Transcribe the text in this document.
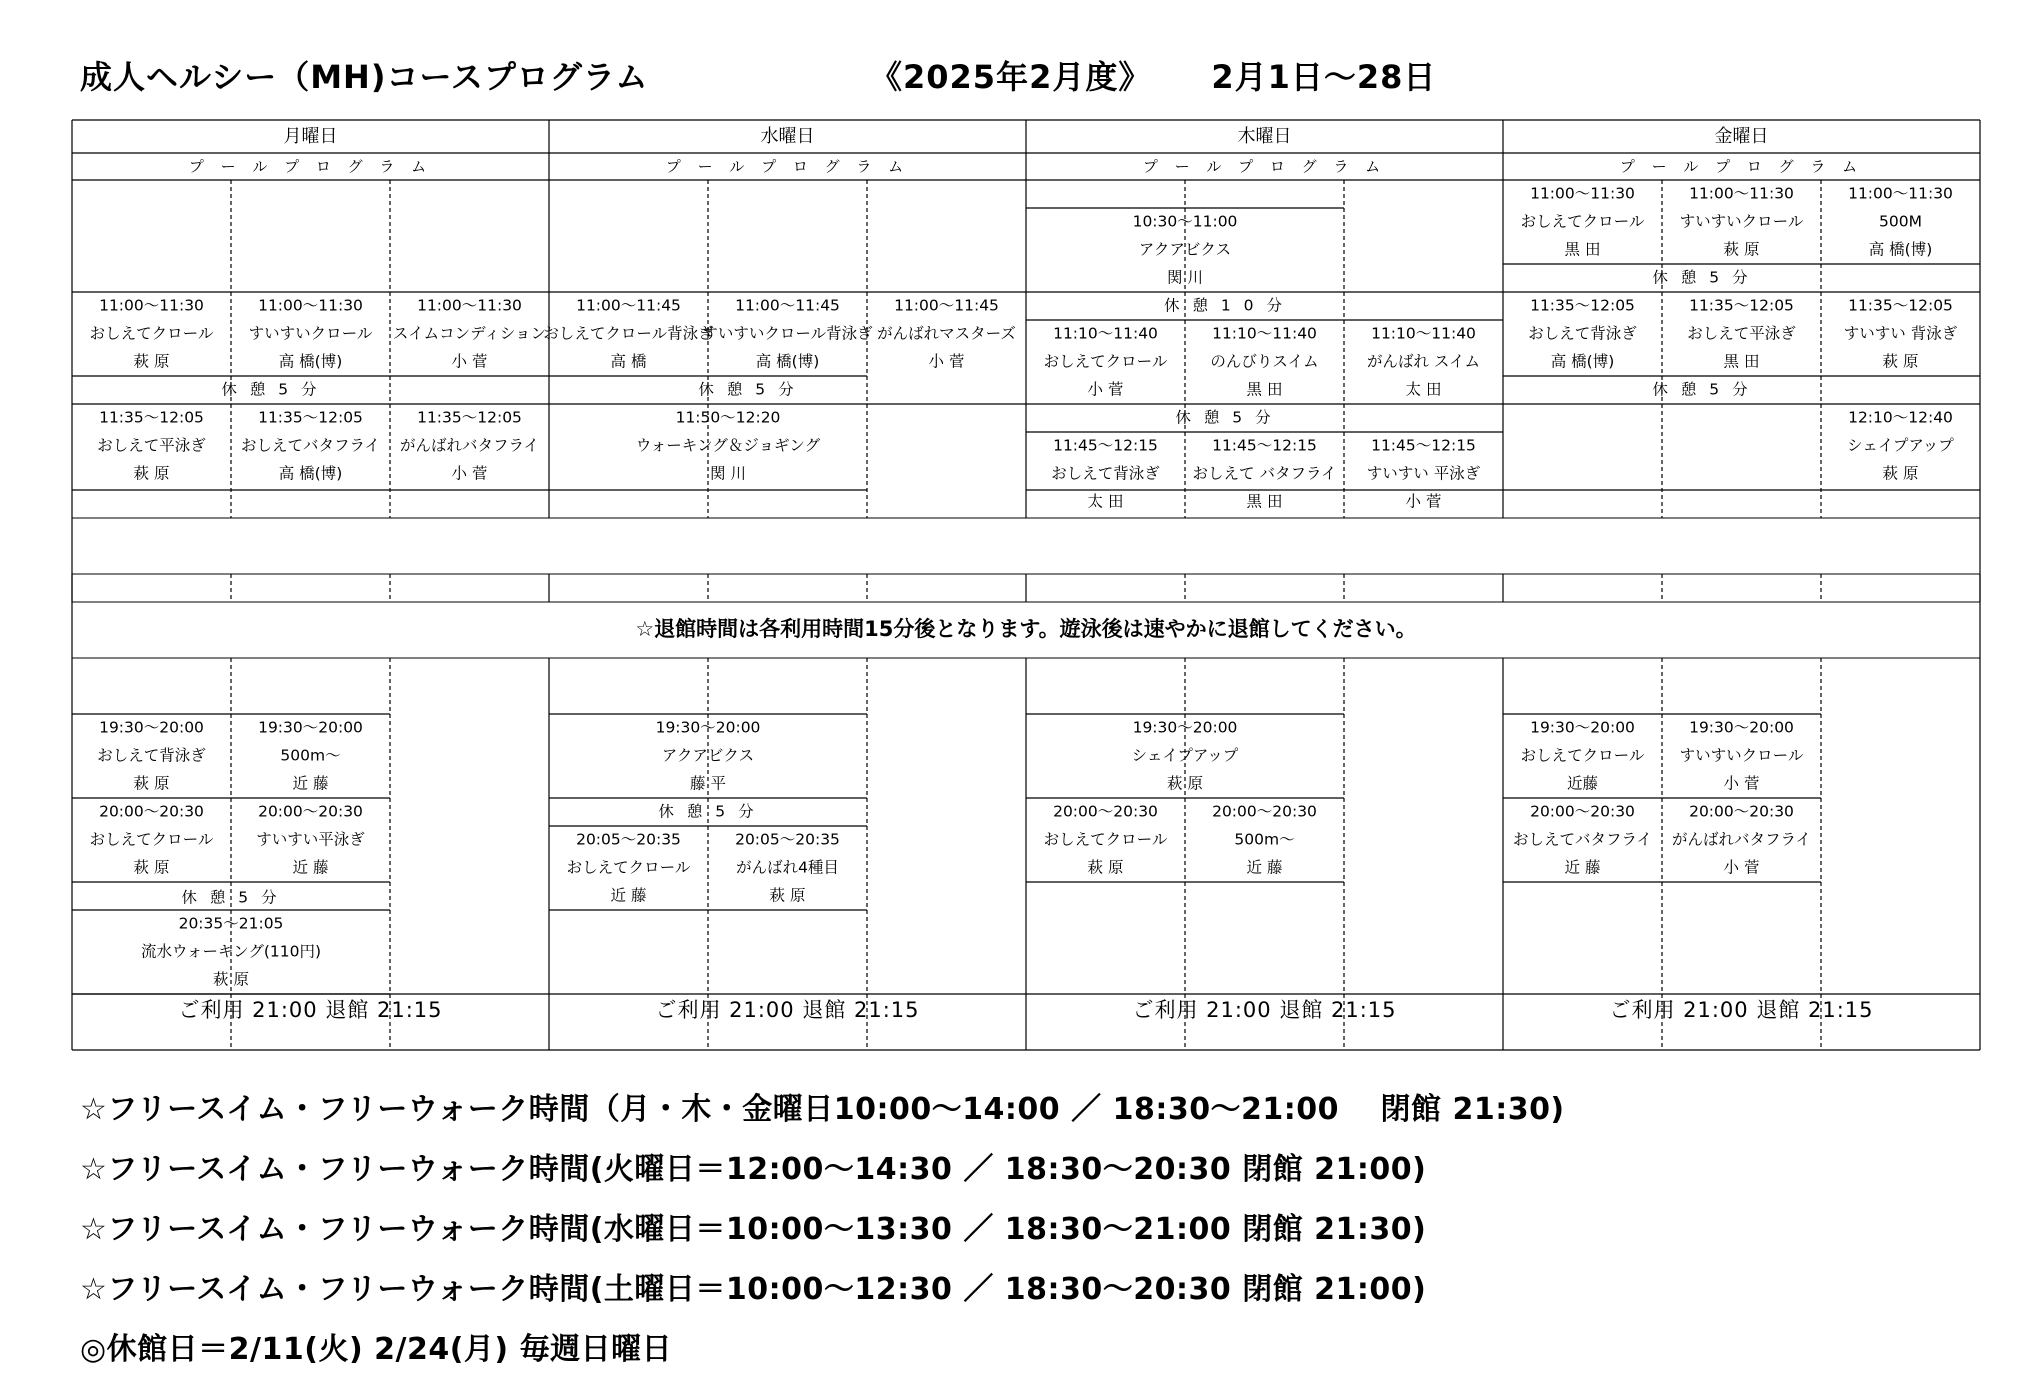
成人ヘルシー（MH)コースプログラム	《2025年2月度》 2月1日～28日
月曜日
プ ー ル プ ロ グ ラ ム
ご利用 21:00 退館 21:15
水曜日
プ ー ル プ ロ グ ラ ム
ご利用 21:00 退館 21:15
木曜日
プ ー ル プ ロ グ ラ ム
ご利用 21:00 退館 21:15
金曜日
プ ー ル プ ロ グ ラ ム
ご利用 21:00 退館 21:15
☆退館時間は各利用時間15分後となります。遊泳後は速やかに退館してください。
11:00～11:30
おしえてクロール
萩 原
11:00～11:30
すいすいクロール
高 橋(博)
11:00～11:30
スイムコンディション
小 菅
11:35～12:05
おしえて平泳ぎ
萩 原
11:35～12:05
おしえてバタフライ
高 橋(博)
11:35～12:05
がんばれバタフライ
小 菅
19:30～20:00
おしえて背泳ぎ
萩 原
19:30～20:00
500m～
近 藤
20:00～20:30
おしえてクロール
萩 原
20:00～20:30
すいすい平泳ぎ
近 藤
20:35～21:05
流水ウォーキング(110円)
萩 原
11:00～11:45
おしえてクロール背泳ぎ
高 橋
11:00～11:45
すいすいクロール背泳ぎ
高 橋(博)
11:00～11:45
がんばれマスターズ
小 菅
11:50～12:20
ウォーキング＆ジョギング
関 川
19:30～20:00
アクアビクス
藤 平
20:05～20:35
おしえてクロール
近 藤
20:05～20:35
がんばれ4種目
萩 原
10:30～11:00
アクアビクス
関 川
11:10～11:40
おしえてクロール
小 菅
11:10～11:40
のんびりスイム
黒 田
11:10～11:40
がんばれ スイム
太 田
11:45～12:15
おしえて背泳ぎ
太 田
11:45～12:15
おしえて バタフライ
黒 田
11:45～12:15
すいすい 平泳ぎ
小 菅
19:30～20:00
シェイプアップ
萩 原
20:00～20:30
おしえてクロール
萩 原
20:00～20:30
500m～
近 藤
11:00～11:30
おしえてクロール
黒 田
11:00～11:30
すいすいクロール
萩 原
11:00～11:30
500M
高 橋(博)
11:35～12:05
おしえて背泳ぎ
高 橋(博)
11:35～12:05
おしえて平泳ぎ
黒 田
11:35～12:05
すいすい 背泳ぎ
萩 原
12:10～12:40
シェイプアップ
萩 原
19:30～20:00
おしえてクロール
近藤
19:30～20:00
すいすいクロール
小 菅
20:00～20:30
おしえてバタフライ
近 藤
20:00～20:30
がんばれバタフライ
小 菅
休 憩 5 分
休 憩 5 分
休 憩 5 分
休 憩 5 分
休 憩 1 0 分
休 憩 5 分
休 憩 5 分
休 憩 5 分
☆フリースイム・フリーウォーク時間（月・木・金曜日10:00～14:00 ／ 18:30～21:00　 閉館 21:30)
☆フリースイム・フリーウォーク時間(火曜日＝12:00～14:30 ／ 18:30～20:30 閉館 21:00)
☆フリースイム・フリーウォーク時間(水曜日＝10:00～13:30 ／ 18:30～21:00 閉館 21:30)
☆フリースイム・フリーウォーク時間(土曜日＝10:00～12:30 ／ 18:30～20:30 閉館 21:00)
◎休館日＝2/11(火) 2/24(月) 毎週日曜日
